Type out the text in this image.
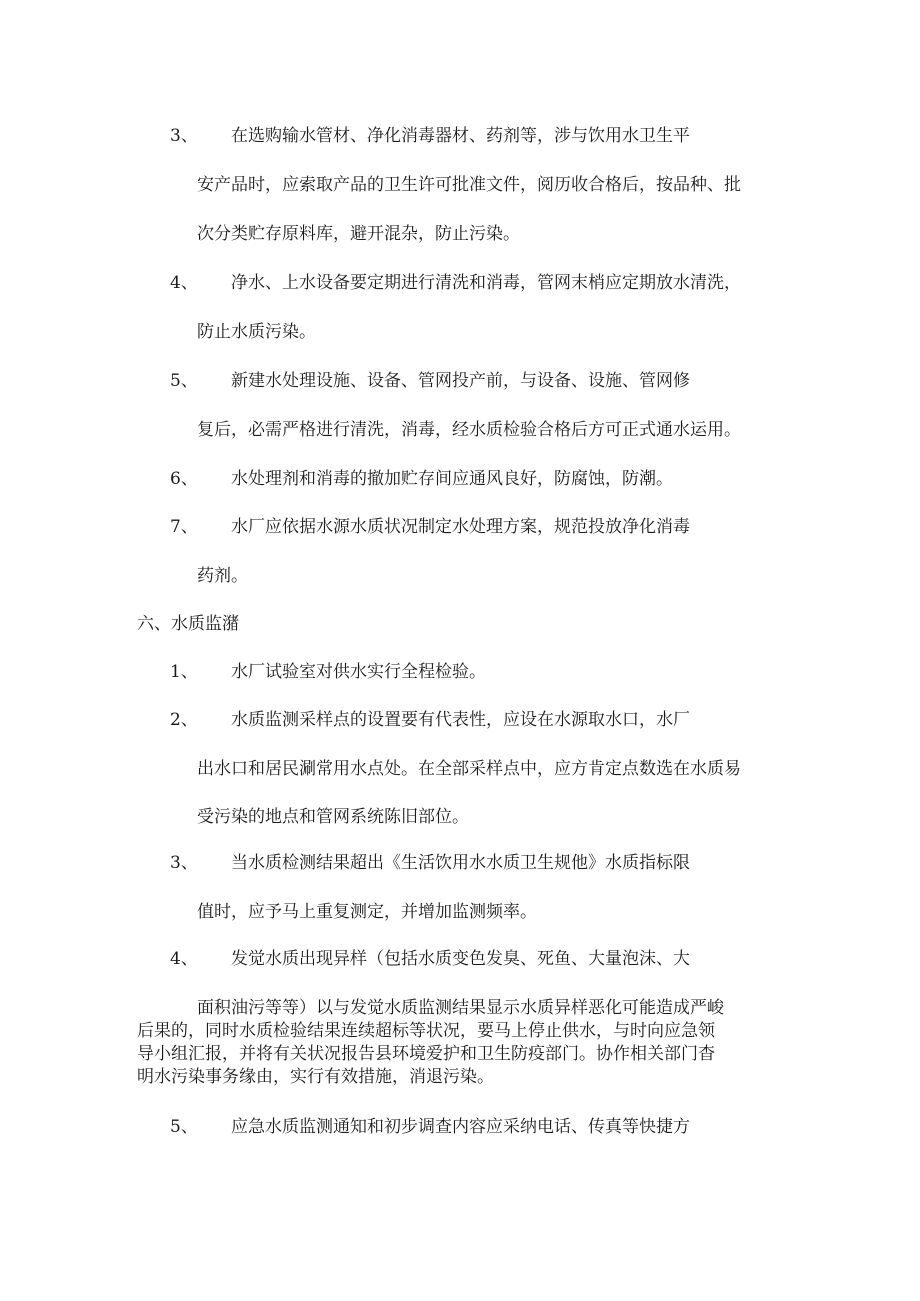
3、 在选购输水管材、净化消毒器材、药剂等，涉与饮用水卫生平
安产品时，应索取产品的卫生许可批准文件，阅历收合格后，按品种、批
次分类贮存原料库，避开混杂，防止污染。
4、 净水、上水设备要定期进行清洗和消毒，管网末梢应定期放水清洗，
防止水质污染。
5、 新建水处理设施、设备、管网投产前，与设备、设施、管网修
复后，必需严格进行清洗，消毒，经水质检验合格后方可正式通水运用。
6、 水处理剂和消毒的撤加贮存间应通风良好，防腐蚀，防潮。
7、 水厂应依据水源水质状况制定水处理方案，规范投放净化消毒
药剂。
六、水质监潴
1、 水厂试验室对供水实行全程检验。
2、 水质监测采样点的设置要有代表性，应设在水源取水口，水厂
出水口和居民涮常用水点处。在全部采样点中，应方肯定点数选在水质易
受污染的地点和管网系统陈旧部位。
3、 当水质检测结果超出《生活饮用水水质卫生规他》水质指标限
值时，应予马上重复测定，并增加监测频率。
4、 发觉水质出现异样（包括水质变色发臭、死鱼、大量泡沫、大
面积油污等等）以与发觉水质监测结果显示水质异样恶化可能造成严峻
后果的，同时水质检验结果连续超标等状况，要马上停止供水，与时向应急领
导小组汇报，并将有关状况报告县环境爱护和卫生防疫部门。协作相关部门杳
明水污染事务缘由，实行有效措施，消退污染。
5、 应急水质监测通知和初步调查内容应采纳电话、传真等快捷方
